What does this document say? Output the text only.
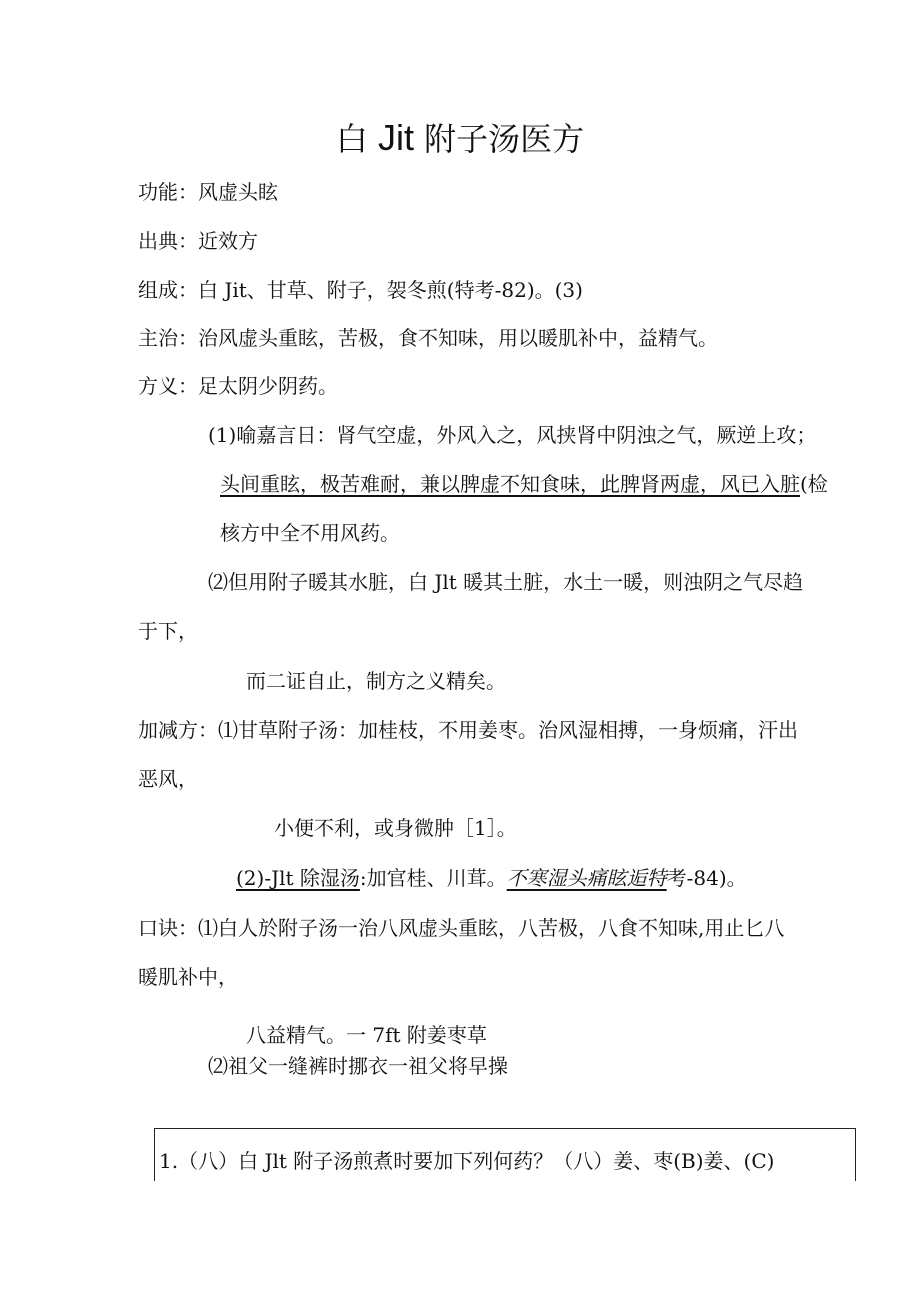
白 Jit 附子汤医方
功能：风虚头眩
出典：近效方
组成：白 Jit、甘草、附子，袈冬煎(特考-82)。(3)
主治：治风虚头重眩，苦极，食不知味，用以暖肌补中，益精气。
方义：足太阴少阴药。
(1)喻嘉言日：肾气空虚，外风入之，风挟肾中阴浊之气，厥逆上攻；
头间重眩，极苦难耐，兼以脾虚不知食味，此脾肾两虚，风已入脏(检
核方中全不用风药。
⑵但用附子暖其水脏，白 Jlt 暖其土脏，水土一暖，则浊阴之气尽趋
于下，
而二证自止，制方之义精矣。
加减方：⑴甘草附子汤：加桂枝，不用姜枣。治风湿相搏，一身烦痛，汗出
恶风，
小便不利，或身微肿［1］。
(2)-Jlt 除湿汤:加官桂、川茸。不寒湿头痛眩逅特考-84)。
口诀：⑴白人於附子汤一治八风虚头重眩，八苦极，八食不知味,用止匕八
暖肌补中，
八益精气。一 7ft 附姜枣草
⑵祖父一缝裤时挪衣一祖父将早操
1.（八）白 Jlt 附子汤煎煮时要加下列何药？（八）姜、枣(B)姜、(C)
